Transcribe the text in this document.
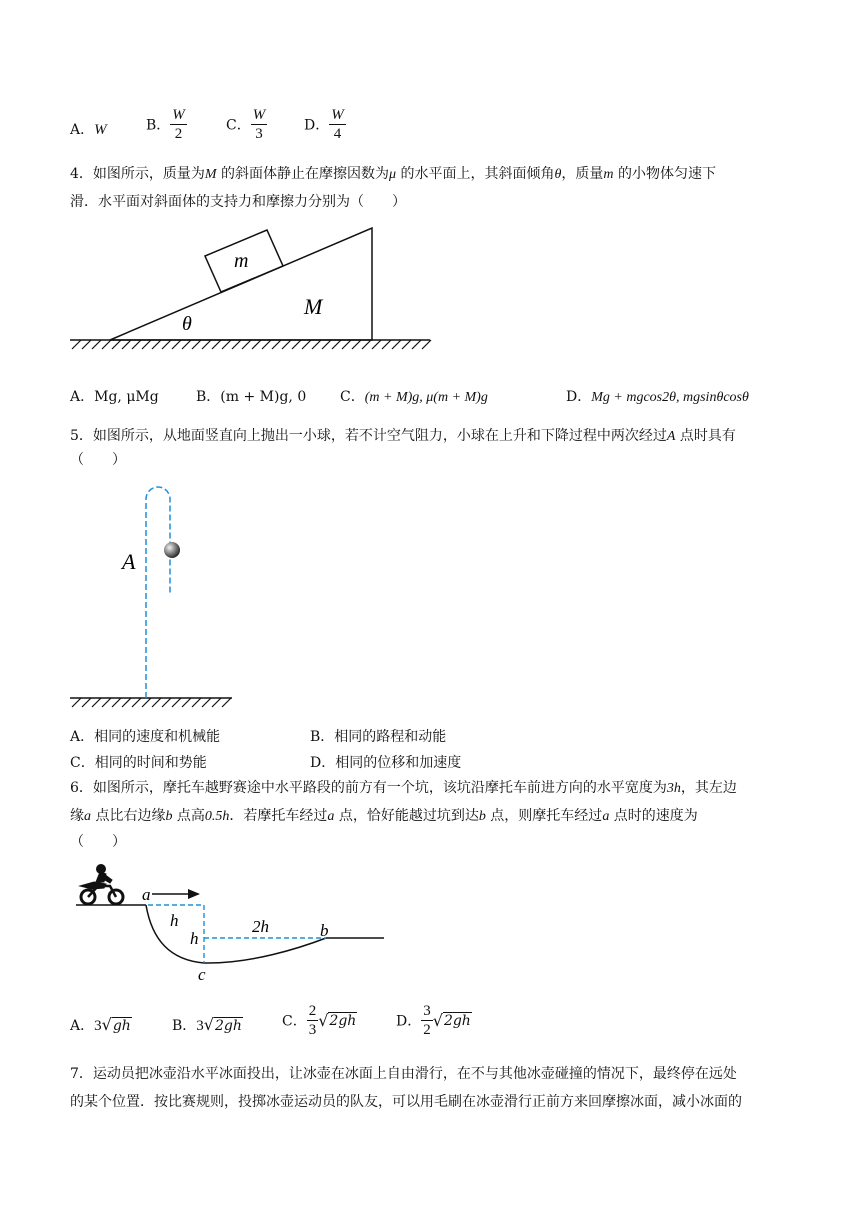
A．W	B． $\frac{W}{2}$	C． $\frac{W}{3}$	D． $\frac{W}{4}$
4．如图所示，质量为M 的斜面体静止在摩擦因数为μ 的水平面上，其斜面倾角θ，质量m 的小物体匀速下
滑．水平面对斜面体的支持力和摩擦力分别为（　　）
m
M
θ
A．Mg, μMg	B．(m + M)g, 0 C．(m + M)g, μ(m + M)g	D．Mg + mgcos2θ, mgsinθcosθ
5．如图所示，从地面竖直向上抛出一小球，若不计空气阻力，小球在上升和下降过程中两次经过A 点时具有
（　　）
A
A．相同的速度和机械能	B．相同的路程和动能
C．相同的时间和势能	D．相同的位移和加速度
6．如图所示，摩托车越野赛途中水平路段的前方有一个坑，该坑沿摩托车前进方向的水平宽度为3h，其左边
缘a 点比右边缘b 点高0.5h．若摩托车经过a 点，恰好能越过坑到达b 点，则摩托车经过a 点时的速度为
（　　）
a
h
h
2h	b
c
A．3√gh	B．3√2gh	C． $\frac{2}{3} √2gh$	D． $\frac{3}{2} √2gh$
7．运动员把冰壶沿水平冰面投出，让冰壶在冰面上自由滑行，在不与其他冰壶碰撞的情况下，最终停在远处
的某个位置．按比赛规则，投掷冰壶运动员的队友，可以用毛刷在冰壶滑行正前方来回摩擦冰面，减小冰面的
